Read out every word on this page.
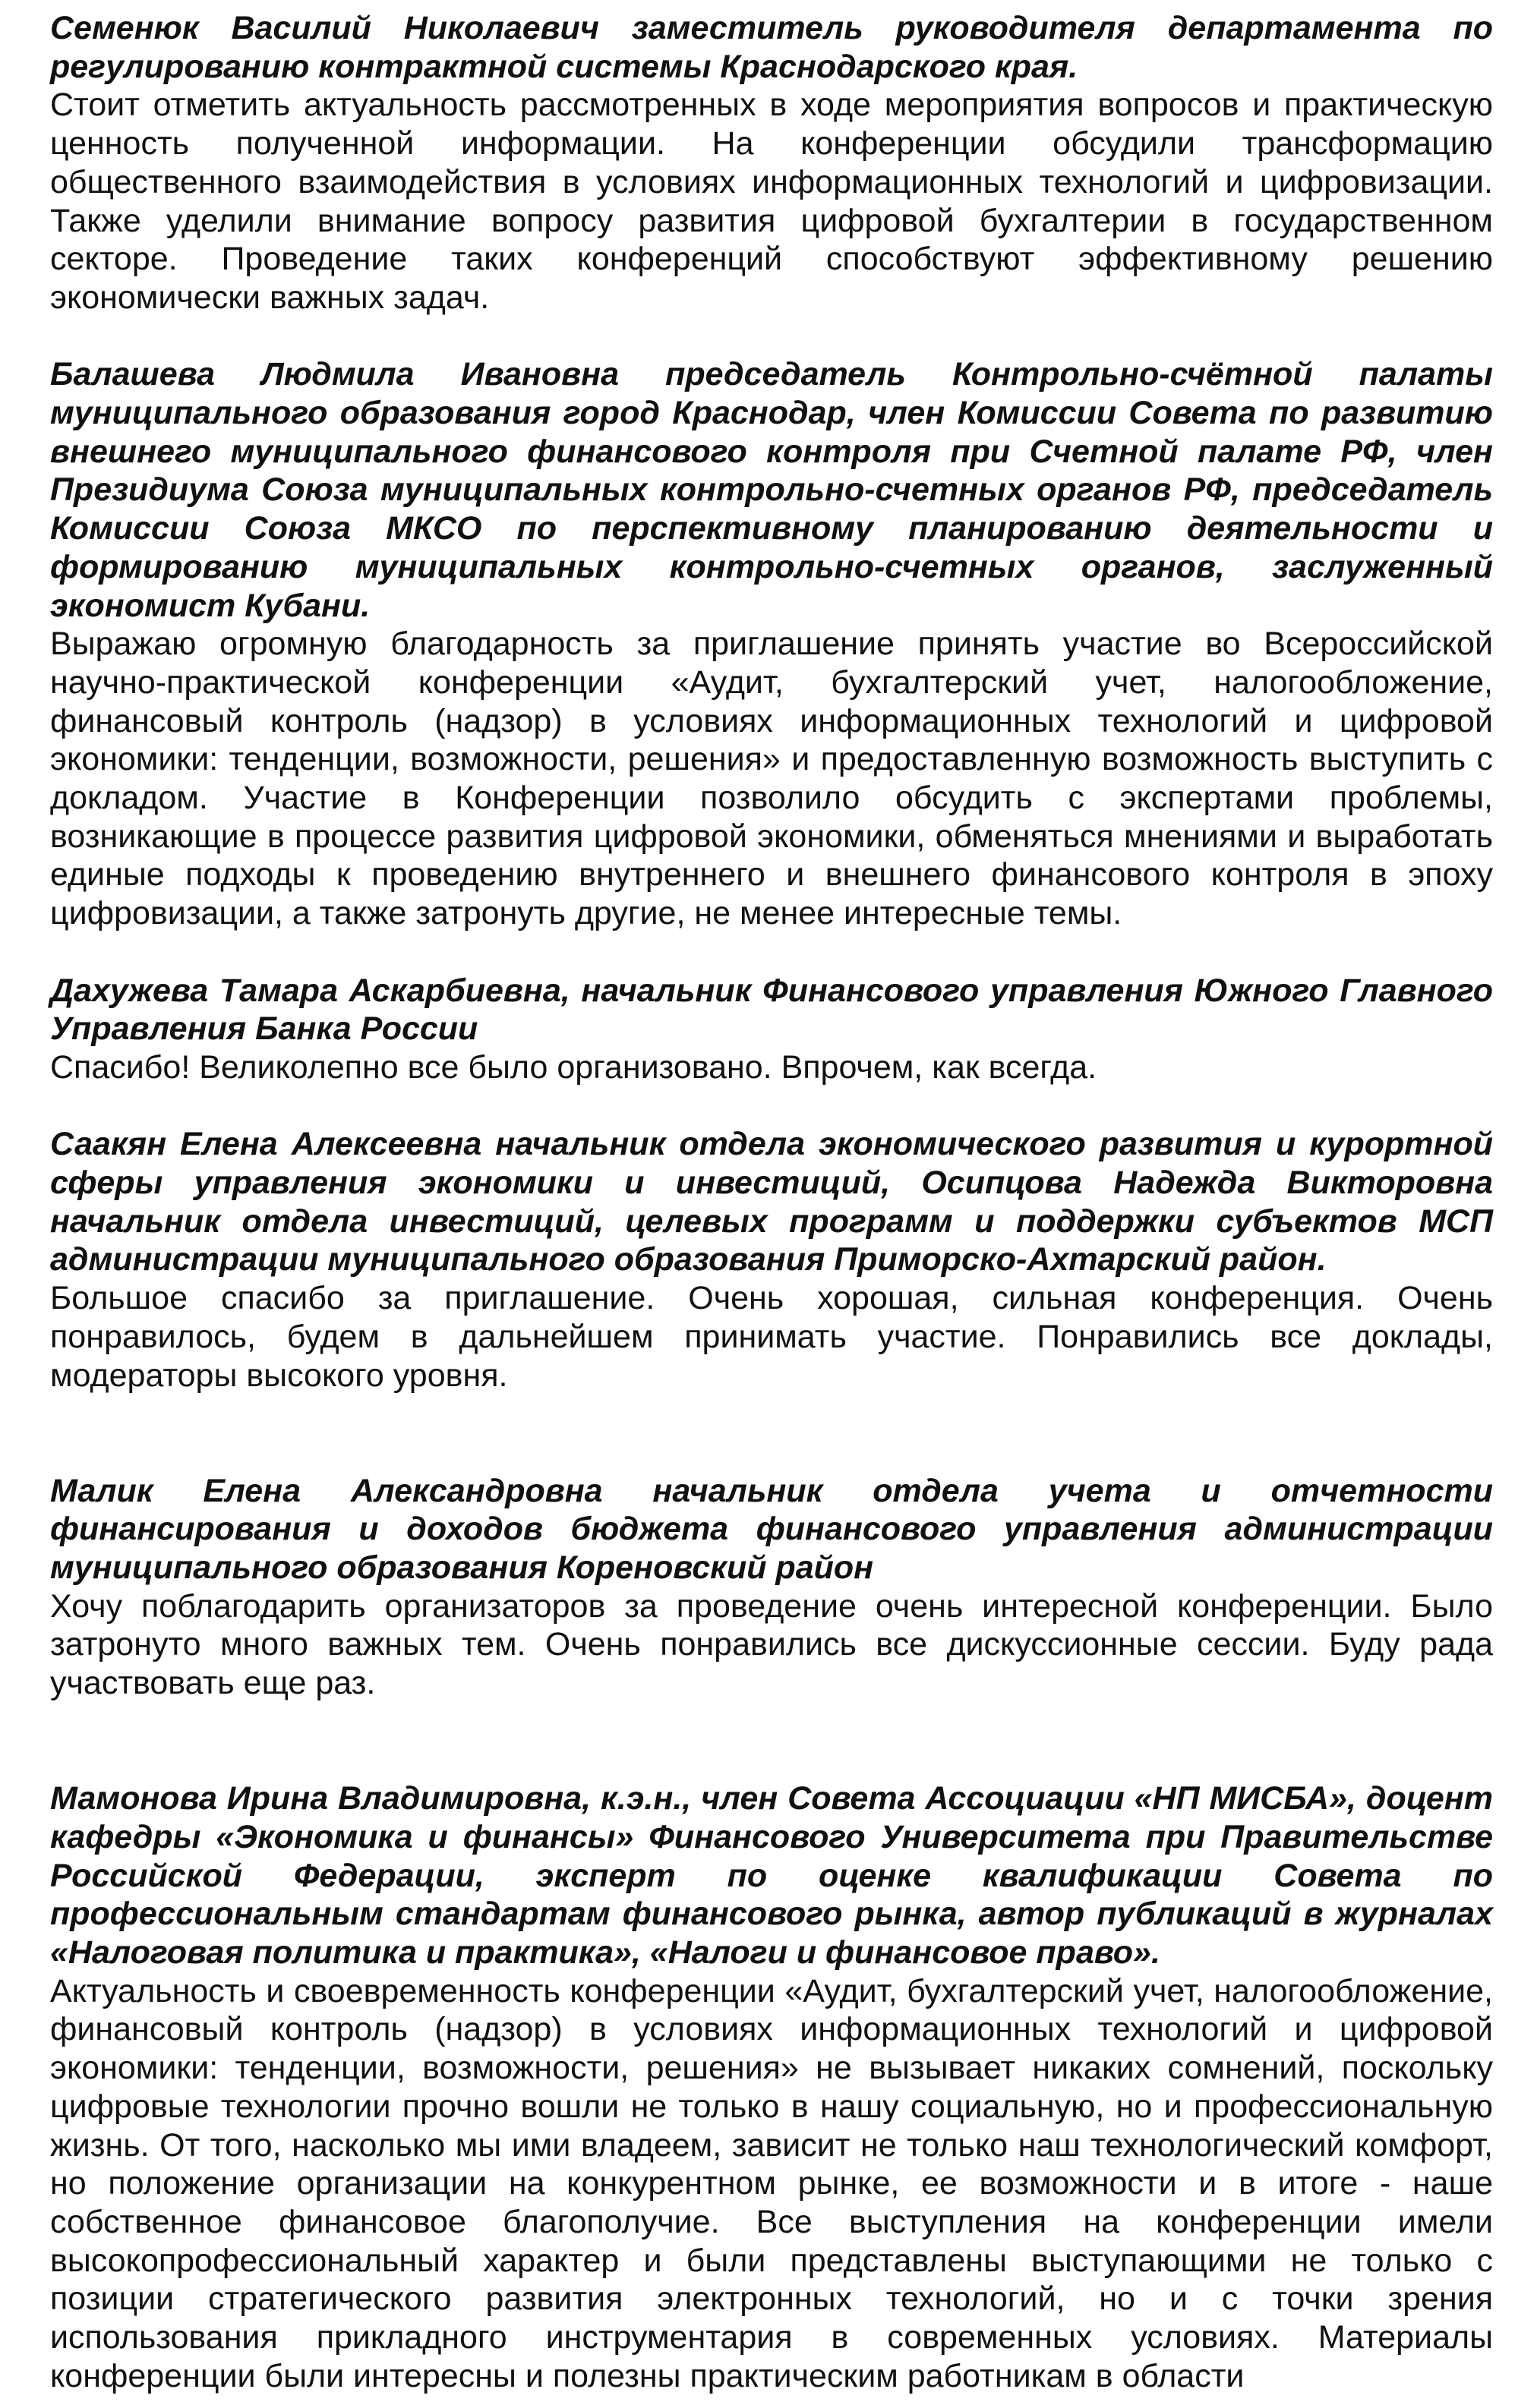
Семенюк Василий Николаевич заместитель руководителя департамента по регулированию контрактной системы Краснодарского края.

Стоит отметить актуальность рассмотренных в ходе мероприятия вопросов и практическую ценность полученной информации. На конференции обсудили трансформацию общественного взаимодействия в условиях информационных технологий и цифровизации. Также уделили внимание вопросу развития цифровой бухгалтерии в государственном секторе. Проведение таких конференций способствуют эффективному решению экономически важных задач.

Балашева Людмила Ивановна председатель Контрольно-счётной палаты муниципального образования город Краснодар, член Комиссии Совета по развитию внешнего муниципального финансового контроля при Счетной палате РФ, член Президиума Союза муниципальных контрольно-счетных органов РФ, председатель Комиссии Союза МКСО по перспективному планированию деятельности и формированию муниципальных контрольно-счетных органов, заслуженный экономист Кубани.

Выражаю огромную благодарность за приглашение принять участие во Всероссийской научно-практической конференции «Аудит, бухгалтерский учет, налогообложение, финансовый контроль (надзор) в условиях информационных технологий и цифровой экономики: тенденции, возможности, решения» и предоставленную возможность выступить с докладом. Участие в Конференции позволило обсудить с экспертами проблемы, возникающие в процессе развития цифровой экономики, обменяться мнениями и выработать единые подходы к проведению внутреннего и внешнего финансового контроля в эпоху цифровизации, а также затронуть другие, не менее интересные темы.

Дахужева Тамара Аскарбиевна, начальник Финансового управления Южного Главного Управления Банка России

Спасибо! Великолепно все было организовано. Впрочем, как всегда.

Саакян Елена Алексеевна начальник отдела экономического развития и курортной сферы управления экономики и инвестиций, Осипцова Надежда Викторовна начальник отдела инвестиций, целевых программ и поддержки субъектов МСП администрации муниципального образования Приморско-Ахтарский район.

Большое спасибо за приглашение. Очень хорошая, сильная конференция. Очень понравилось, будем в дальнейшем принимать участие. Понравились все доклады, модераторы высокого уровня.

Малик Елена Александровна начальник отдела учета и отчетности финансирования и доходов бюджета финансового управления администрации муниципального образования Кореновский район

Хочу поблагодарить организаторов за проведение очень интересной конференции. Было затронуто много важных тем. Очень понравились все дискуссионные сессии. Буду рада участвовать еще раз.

Мамонова Ирина Владимировна, к.э.н., член Совета Ассоциации «НП МИСБА», доцент кафедры «Экономика и финансы» Финансового Университета при Правительстве Российской Федерации, эксперт по оценке квалификации Совета по профессиональным стандартам финансового рынка, автор публикаций в журналах «Налоговая политика и практика», «Налоги и финансовое право».

Актуальность и своевременность конференции «Аудит, бухгалтерский учет, налогообложение, финансовый контроль (надзор) в условиях информационных технологий и цифровой экономики: тенденции, возможности, решения» не вызывает никаких сомнений, поскольку цифровые технологии прочно вошли не только в нашу социальную, но и профессиональную жизнь. От того, насколько мы ими владеем, зависит не только наш технологический комфорт, но положение организации на конкурентном рынке, ее возможности и в итоге - наше собственное финансовое благополучие. Все выступления на конференции имели высокопрофессиональный характер и были представлены выступающими не только с позиции стратегического развития электронных технологий, но и с точки зрения использования прикладного инструментария в современных условиях. Материалы конференции были интересны и полезны практическим работникам в области
